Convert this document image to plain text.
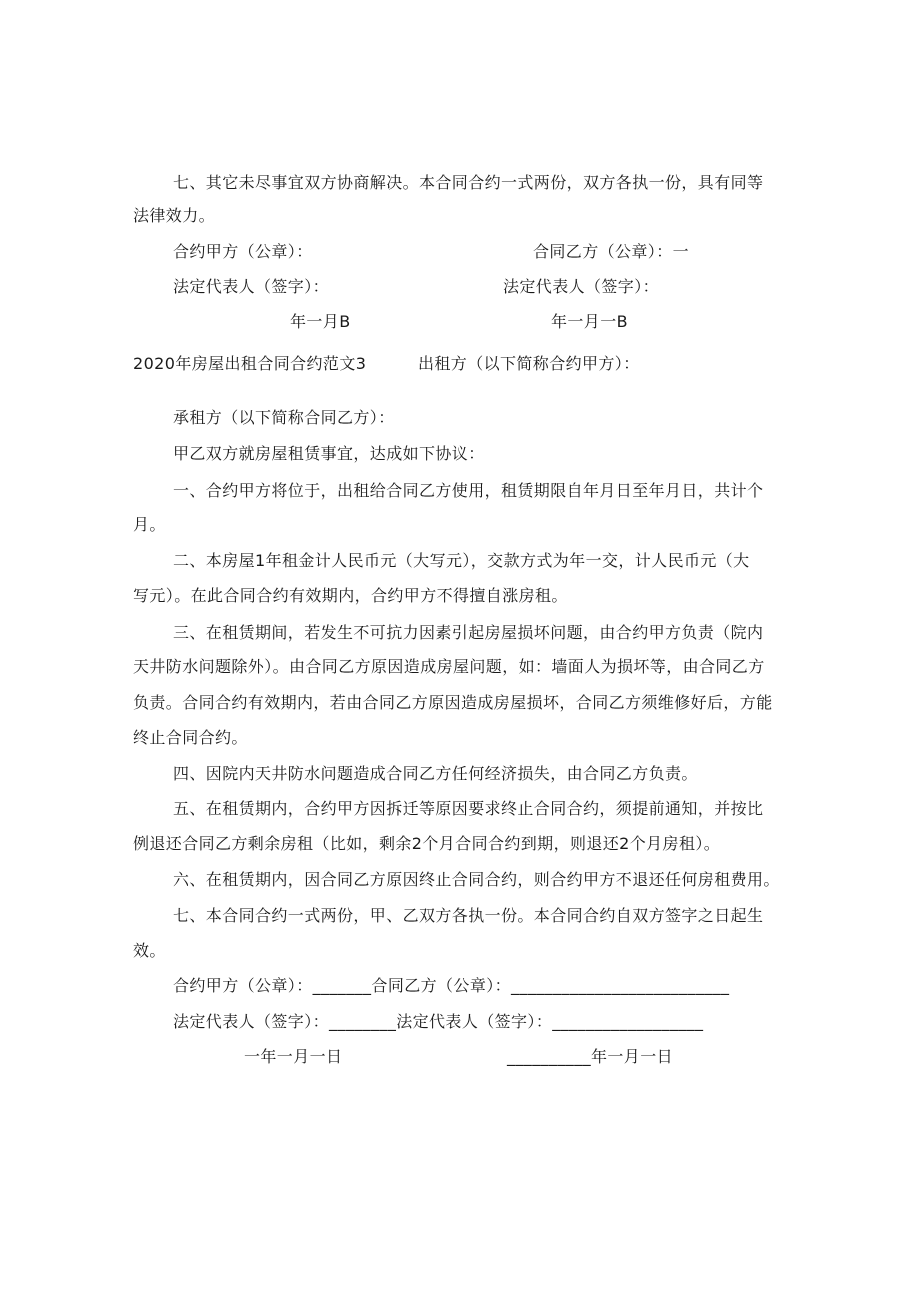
七、其它未尽事宜双方协商解决。本合同合约一式两份，双方各执一份，具有同等
法律效力。
合约甲方（公章）：	合同乙方（公章）：一
法定代表人（签字）：	法定代表人（签字）：
年一月B	年一月一B
2020年房屋出租合同合约范文3	出租方（以下简称合约甲方）：
承租方（以下简称合同乙方）：
甲乙双方就房屋租赁事宜，达成如下协议：
一、合约甲方将位于，出租给合同乙方使用，租赁期限自年月日至年月日，共计个
月。
二、本房屋1年租金计人民币元（大写元），交款方式为年一交，计人民币元（大
写元）。在此合同合约有效期内，合约甲方不得擅自涨房租。
三、在租赁期间，若发生不可抗力因素引起房屋损坏问题，由合约甲方负责（院内
天井防水问题除外）。由合同乙方原因造成房屋问题，如：墙面人为损坏等，由合同乙方
负责。合同合约有效期内，若由合同乙方原因造成房屋损坏，合同乙方须维修好后，方能
终止合同合约。
四、因院内天井防水问题造成合同乙方任何经济损失，由合同乙方负责。
五、在租赁期内，合约甲方因拆迁等原因要求终止合同合约，须提前通知，并按比
例退还合同乙方剩余房租（比如，剩余2个月合同合约到期，则退还2个月房租）。
六、在租赁期内，因合同乙方原因终止合同合约，则合约甲方不退还任何房租费用。
七、本合同合约一式两份，甲、乙双方各执一份。本合同合约自双方签字之日起生
效。
合约甲方（公章）：_______合同乙方（公章）：__________________________
法定代表人（签字）：________法定代表人（签字）：__________________
一年一月一日	__________年一月一日
